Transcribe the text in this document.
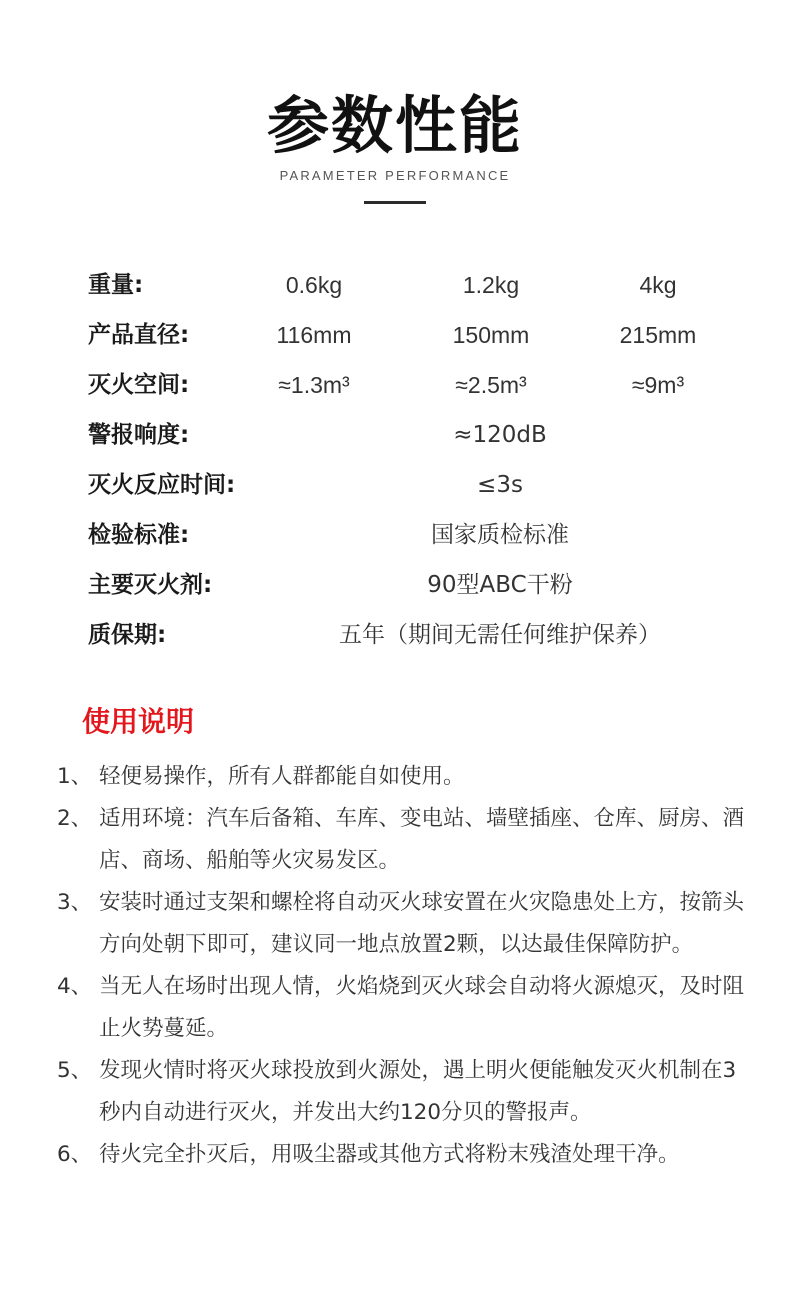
参数性能
PARAMETER PERFORMANCE
重量:	0.6kg	1.2kg	4kg
产品直径:	116mm	150mm	215mm
灭火空间:	≈1.3m³	≈2.5m³	≈9m³
警报响度:	≈120dB
灭火反应时间:	≤3s
检验标准:	国家质检标准
主要灭火剂:	90型ABC干粉
质保期:	五年（期间无需任何维护保养）
使用说明
1、 轻便易操作，所有人群都能自如使用。
2、 适用环境：汽车后备箱、车库、变电站、墙壁插座、仓库、厨房、酒店、商场、船舶等火灾易发区。
3、 安装时通过支架和螺栓将自动灭火球安置在火灾隐患处上方，按箭头方向处朝下即可，建议同一地点放置2颗，以达最佳保障防护。
4、 当无人在场时出现人情，火焰烧到灭火球会自动将火源熄灭，及时阻止火势蔓延。
5、 发现火情时将灭火球投放到火源处，遇上明火便能触发灭火机制在3秒内自动进行灭火，并发出大约120分贝的警报声。
6、 待火完全扑灭后，用吸尘器或其他方式将粉末残渣处理干净。
